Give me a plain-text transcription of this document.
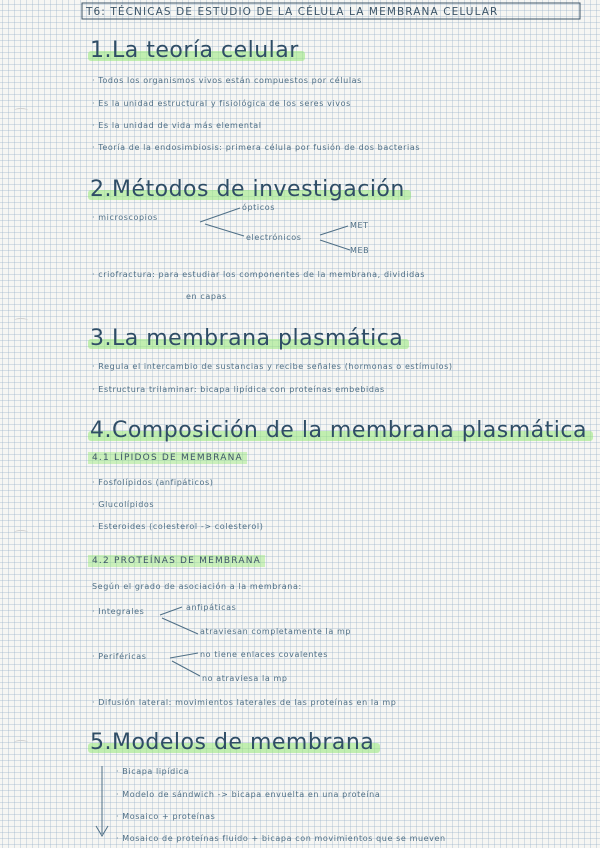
T6: TÉCNICAS DE ESTUDIO DE LA CÉLULA LA MEMBRANA CELULAR
1.La teoría celular
· Todos los organismos vivos están compuestos por células
· Es la unidad estructural y fisiológica de los seres vivos
· Es la unidad de vida más elemental
· Teoría de la endosimbiosis: primera célula por fusión de dos bacterias
2.Métodos de investigación
· microscopios
ópticos
electrónicos
MET
MEB
· criofractura: para estudiar los componentes de la membrana, divididas
en capas
3.La membrana plasmática
· Regula el intercambio de sustancias y recibe señales (hormonas o estímulos)
· Estructura trilaminar: bicapa lipídica con proteínas embebidas
4.Composición de la membrana plasmática
4.1 LÍPIDOS DE MEMBRANA
· Fosfolípidos (anfipáticos)
· Glucolípidos
· Esteroides (colesterol -> colesterol)
4.2 PROTEÍNAS DE MEMBRANA
Según el grado de asociación a la membrana:
· Integrales	anfipáticas
atraviesan completamente la mp
· Periféricas	no tiene enlaces covalentes
no atraviesa la mp
· Difusión lateral: movimientos laterales de las proteínas en la mp
5.Modelos de membrana
· Bicapa lipídica
· Modelo de sándwich -> bicapa envuelta en una proteína
· Mosaico + proteínas
· Mosaico de proteínas fluido + bicapa con movimientos que se mueven
